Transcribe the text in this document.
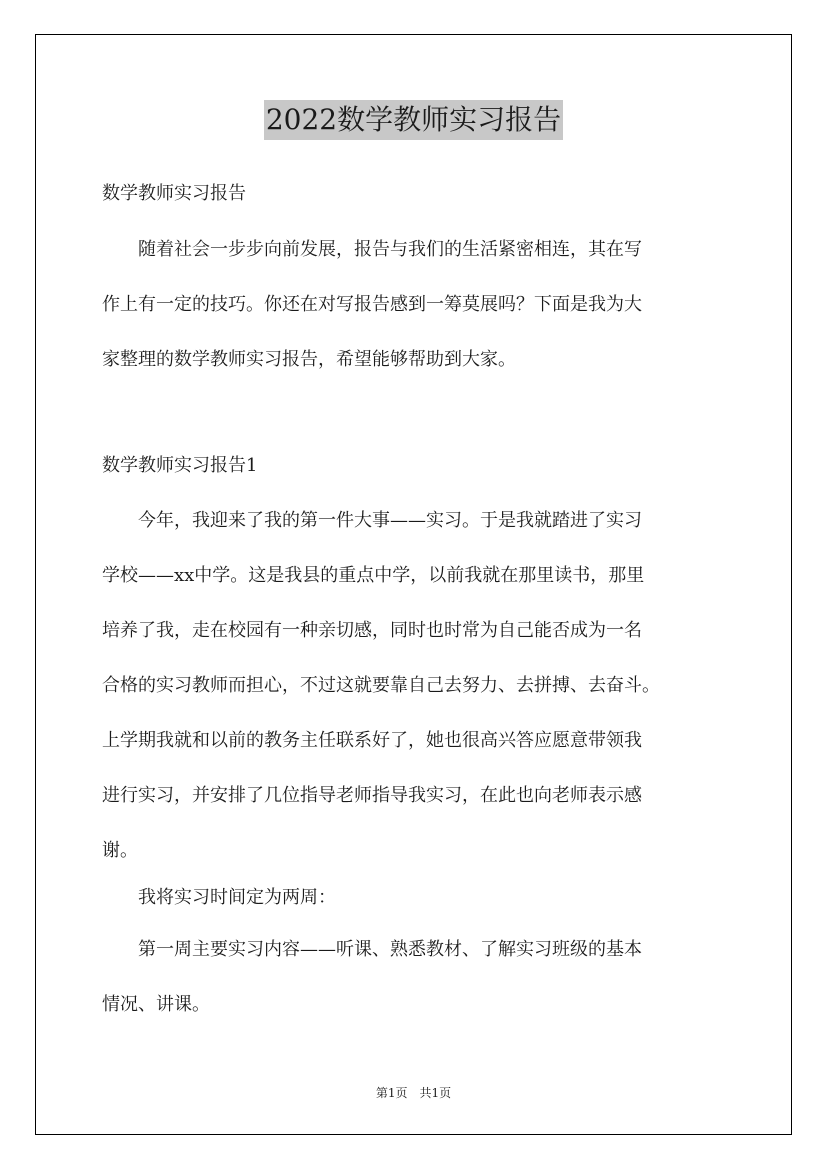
2022数学教师实习报告
数学教师实习报告
　　随着社会一步步向前发展，报告与我们的生活紧密相连，其在写
作上有一定的技巧。你还在对写报告感到一筹莫展吗？下面是我为大
家整理的数学教师实习报告，希望能够帮助到大家。
数学教师实习报告1
　　今年，我迎来了我的第一件大事——实习。于是我就踏进了实习
学校——xx中学。这是我县的重点中学，以前我就在那里读书，那里
培养了我，走在校园有一种亲切感，同时也时常为自己能否成为一名
合格的实习教师而担心，不过这就要靠自己去努力、去拼搏、去奋斗。
上学期我就和以前的教务主任联系好了，她也很高兴答应愿意带领我
进行实习，并安排了几位指导老师指导我实习，在此也向老师表示感
谢。
　　我将实习时间定为两周：
　　第一周主要实习内容——听课、熟悉教材、了解实习班级的基本
情况、讲课。
第1页　共1页
